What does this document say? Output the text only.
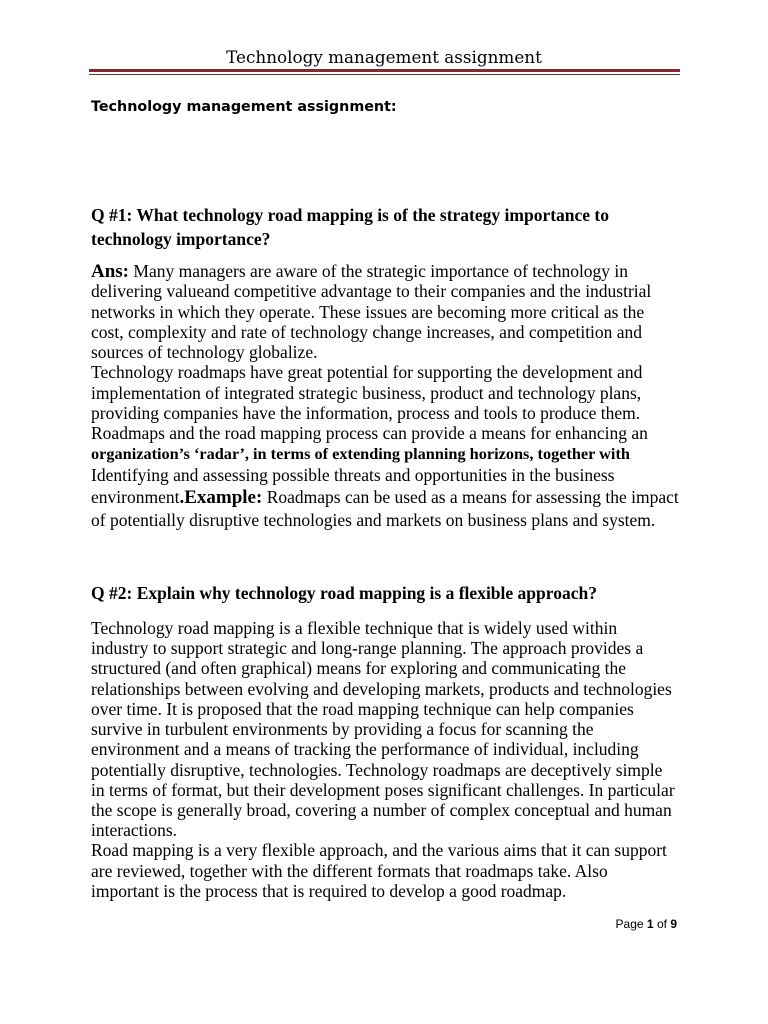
Technology management assignment
Technology management assignment:
Q #1: What technology road mapping is of the strategy importance to
technology importance?
Ans: Many managers are aware of the strategic importance of technology in
delivering valueand competitive advantage to their companies and the industrial
networks in which they operate. These issues are becoming more critical as the
cost, complexity and rate of technology change increases, and competition and
sources of technology globalize.
Technology roadmaps have great potential for supporting the development and
implementation of integrated strategic business, product and technology plans,
providing companies have the information, process and tools to produce them.
Roadmaps and the road mapping process can provide a means for enhancing an
organization’s ‘radar’, in terms of extending planning horizons, together with
Identifying and assessing possible threats and opportunities in the business
environment.Example: Roadmaps can be used as a means for assessing the impact
of potentially disruptive technologies and markets on business plans and system.
Q #2: Explain why technology road mapping is a flexible approach?
Technology road mapping is a flexible technique that is widely used within
industry to support strategic and long-range planning. The approach provides a
structured (and often graphical) means for exploring and communicating the
relationships between evolving and developing markets, products and technologies
over time. It is proposed that the road mapping technique can help companies
survive in turbulent environments by providing a focus for scanning the
environment and a means of tracking the performance of individual, including
potentially disruptive, technologies. Technology roadmaps are deceptively simple
in terms of format, but their development poses significant challenges. In particular
the scope is generally broad, covering a number of complex conceptual and human
interactions.
Road mapping is a very flexible approach, and the various aims that it can support
are reviewed, together with the different formats that roadmaps take. Also
important is the process that is required to develop a good roadmap.
Page 1 of 9
